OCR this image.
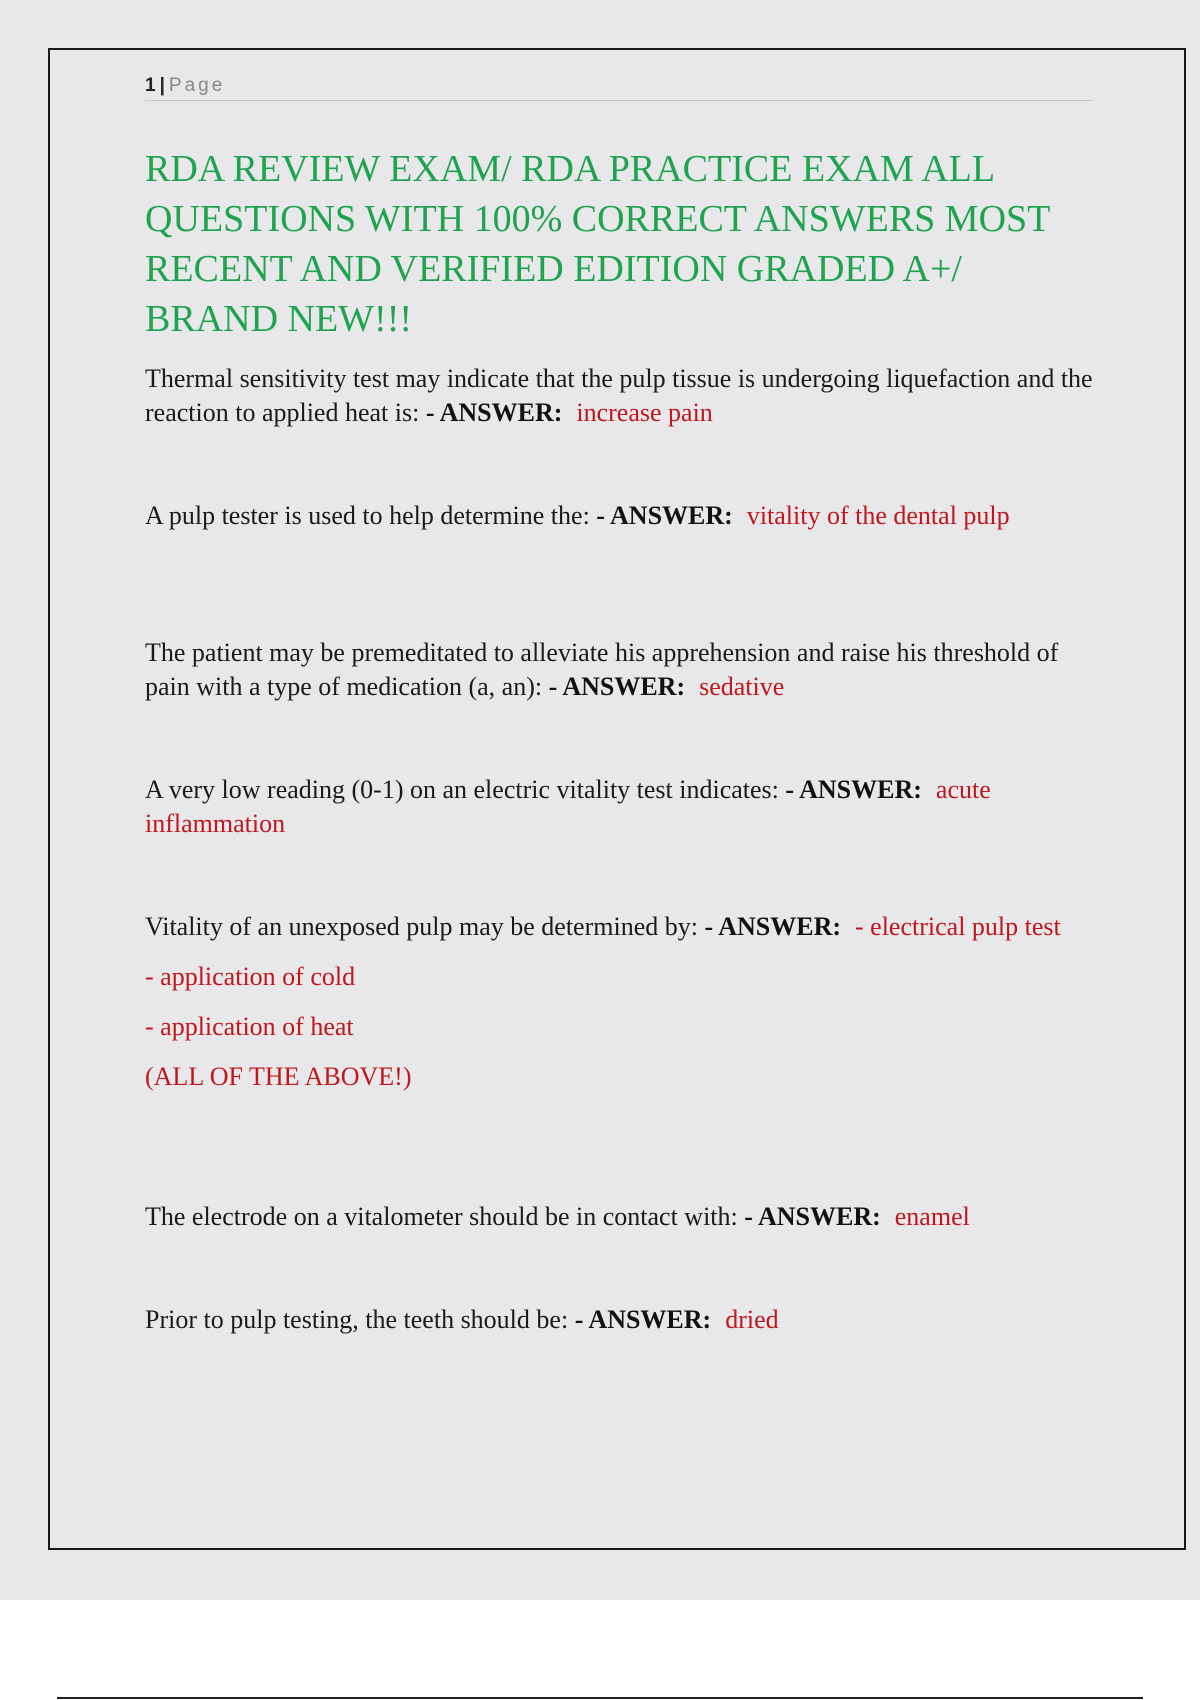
1 | Page
RDA REVIEW EXAM/ RDA PRACTICE EXAM ALL QUESTIONS WITH 100% CORRECT ANSWERS MOST RECENT AND VERIFIED EDITION GRADED A+/ BRAND NEW!!!
Thermal sensitivity test may indicate that the pulp tissue is undergoing liquefaction and the reaction to applied heat is: - ANSWER: increase pain
A pulp tester is used to help determine the: - ANSWER: vitality of the dental pulp
The patient may be premeditated to alleviate his apprehension and raise his threshold of pain with a type of medication (a, an): - ANSWER: sedative
A very low reading (0-1) on an electric vitality test indicates: - ANSWER: acute inflammation
Vitality of an unexposed pulp may be determined by: - ANSWER: - electrical pulp test
- application of cold
- application of heat
(ALL OF THE ABOVE!)
The electrode on a vitalometer should be in contact with: - ANSWER: enamel
Prior to pulp testing, the teeth should be: - ANSWER: dried
